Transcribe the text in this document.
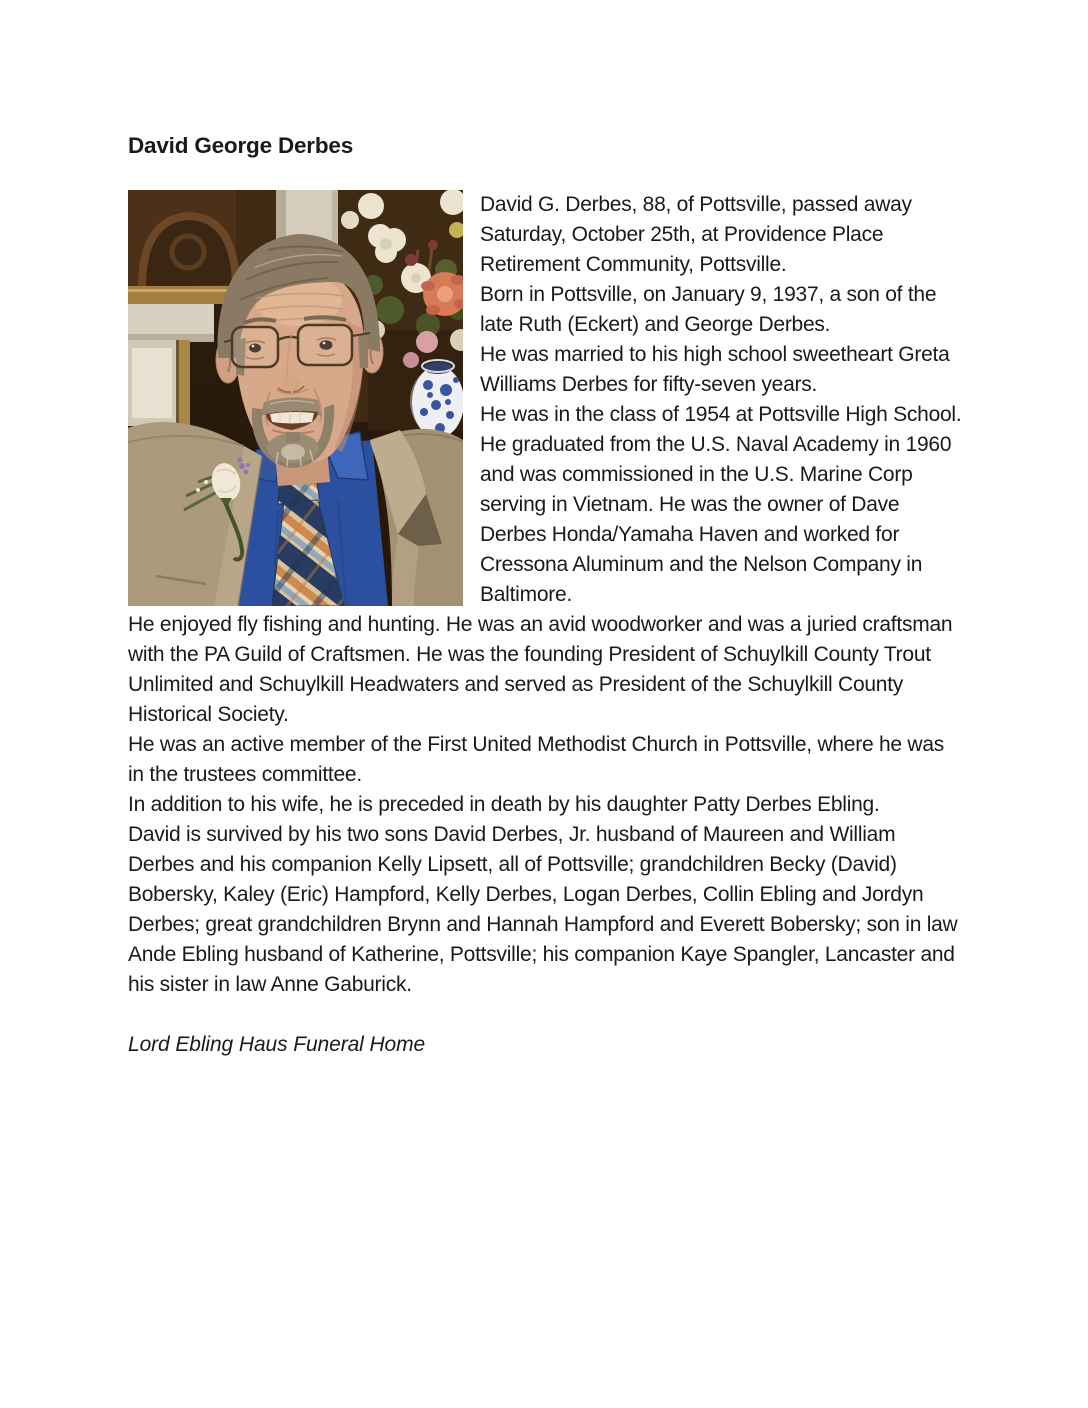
David George Derbes

David G. Derbes, 88, of Pottsville, passed away Saturday, October 25th, at Providence Place Retirement Community, Pottsville.

Born in Pottsville, on January 9, 1937, a son of the late Ruth (Eckert) and George Derbes.

He was married to his high school sweetheart Greta Williams Derbes for fifty-seven years.

He was in the class of 1954 at Pottsville High School. He graduated from the U.S. Naval Academy in 1960 and was commissioned in the U.S. Marine Corp serving in Vietnam. He was the owner of Dave Derbes Honda/Yamaha Haven and worked for Cressona Aluminum and the Nelson Company in Baltimore.

He enjoyed fly fishing and hunting. He was an avid woodworker and was a juried craftsman with the PA Guild of Craftsmen. He was the founding President of Schuylkill County Trout Unlimited and Schuylkill Headwaters and served as President of the Schuylkill County Historical Society.

He was an active member of the First United Methodist Church in Pottsville, where he was in the trustees committee.

In addition to his wife, he is preceded in death by his daughter Patty Derbes Ebling.

David is survived by his two sons David Derbes, Jr. husband of Maureen and William Derbes and his companion Kelly Lipsett, all of Pottsville; grandchildren Becky (David) Bobersky, Kaley (Eric) Hampford, Kelly Derbes, Logan Derbes, Collin Ebling and Jordyn Derbes; great grandchildren Brynn and Hannah Hampford and Everett Bobersky; son in law Ande Ebling husband of Katherine, Pottsville; his companion Kaye Spangler, Lancaster and his sister in law Anne Gaburick.

Lord Ebling Haus Funeral Home
